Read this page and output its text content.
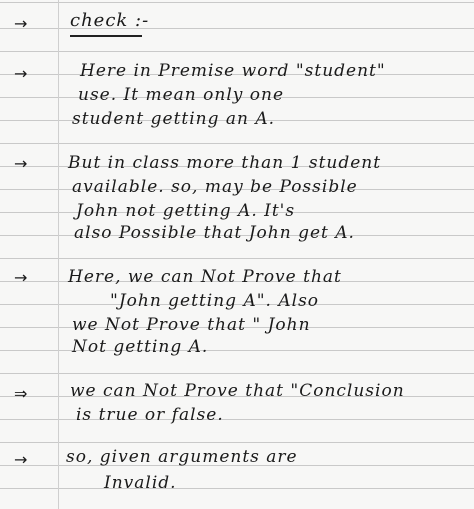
→ check :-
→	Here in Premise word "student"
use. It mean only one
student getting an A.
→ But in class more than 1 student
available. so, may be Possible
John not getting A. It's
also Possible that John get A.
→ Here, we can Not Prove that
"John getting A". Also
we Not Prove that " John
Not getting A.
⇒	we can Not Prove that "Conclusion
is true or false.
→ so, given arguments are
Invalid.
